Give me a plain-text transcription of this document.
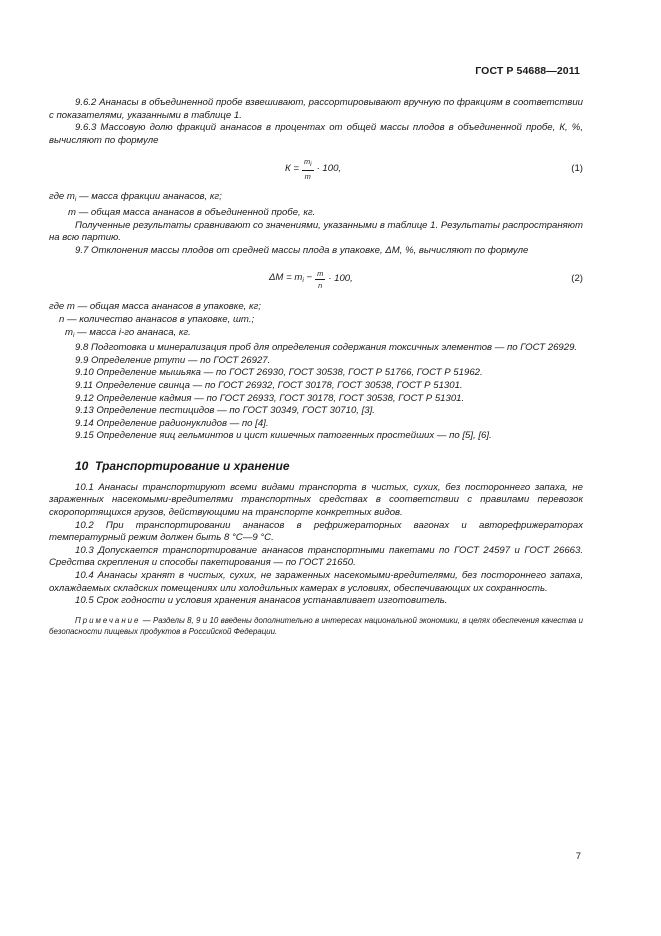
ГОСТ Р 54688—2011

9.6.2 Ананасы в объединенной пробе взвешивают, рассортировывают вручную по фракциям в соответствии с показателями, указанными в таблице 1.

9.6.3 Массовую долю фракций ананасов в процентах от общей массы плодов в объединенной пробе, К, %, вычисляют по формуле

$К = \frac{m_i}{m} \cdot 100$,	(1)

где $m_i$ — масса фракции ананасов, кг;

m — общая масса ананасов в объединенной пробе, кг.

Полученные результаты сравнивают со значениями, указанными в таблице 1. Результаты распространяют на всю партию.

9.7 Отклонения массы плодов от средней массы плода в упаковке, ΔМ, %, вычисляют по формуле

$\Delta М = m_i - \frac{m}{n} \cdot 100$,	(2)

где m — общая масса ананасов в упаковке, кг;

n — количество ананасов в упаковке, шт.;

$m_i$ — масса i-го ананаса, кг.

9.8 Подготовка и минерализация проб для определения содержания токсичных элементов — по ГОСТ 26929.

9.9 Определение ртути — по ГОСТ 26927.

9.10 Определение мышьяка — по ГОСТ 26930, ГОСТ 30538, ГОСТ Р 51766, ГОСТ Р 51962.

9.11 Определение свинца — по ГОСТ 26932, ГОСТ 30178, ГОСТ 30538, ГОСТ Р 51301.

9.12 Определение кадмия — по ГОСТ 26933, ГОСТ 30178, ГОСТ 30538, ГОСТ Р 51301.

9.13 Определение пестицидов — по ГОСТ 30349, ГОСТ 30710, [3].

9.14 Определение радионуклидов — по [4].

9.15 Определение яиц гельминтов и цист кишечных патогенных простейших — по [5], [6].

10 Транспортирование и хранение

10.1 Ананасы транспортируют всеми видами транспорта в чистых, сухих, без постороннего запаха, не зараженных насекомыми-вредителями транспортных средствах в соответствии с правилами перевозок скоропортящихся грузов, действующими на транспорте конкретных видов.

10.2 При транспортировании ананасов в рефрижераторных вагонах и авторефрижераторах температурный режим должен быть 8 °С—9 °С.

10.3 Допускается транспортирование ананасов транспортными пакетами по ГОСТ 24597 и ГОСТ 26663. Средства скрепления и способы пакетирования — по ГОСТ 21650.

10.4 Ананасы хранят в чистых, сухих, не зараженных насекомыми-вредителями, без постороннего запаха, охлаждаемых складских помещениях или холодильных камерах в условиях, обеспечивающих их сохранность.

10.5 Срок годности и условия хранения ананасов устанавливает изготовитель.

Примечание — Разделы 8, 9 и 10 введены дополнительно в интересах национальной экономики, в целях обеспечения качества и безопасности пищевых продуктов в Российской Федерации.

7
